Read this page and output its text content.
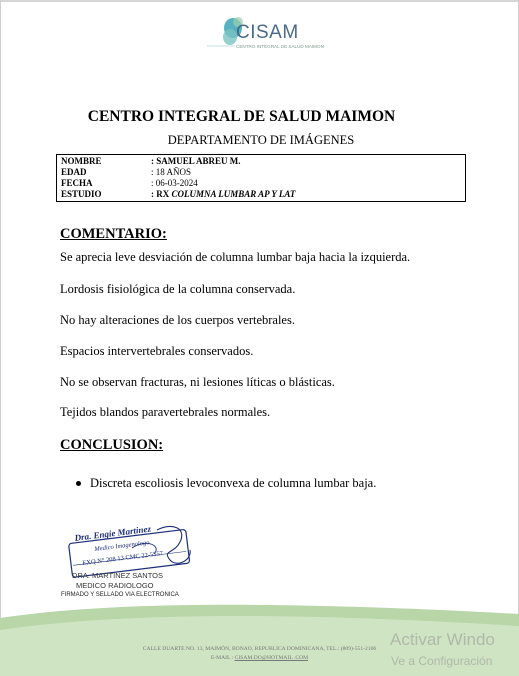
CISAM
CENTRO INTEGRAL DE SALUD MAIMON
CENTRO INTEGRAL DE SALUD MAIMON
DEPARTAMENTO DE IMÁGENES
NOMBRE	: SAMUEL ABREU M.
EDAD	: 18 AÑOS
FECHA	: 06-03-2024
ESTUDIO	: RX COLUMNA LUMBAR AP Y LAT
COMENTARIO:
Se aprecia leve desviación de columna lumbar baja hacia la izquierda.
Lordosis fisiológica de la columna conservada.
No hay alteraciones de los cuerpos vertebrales.
Espacios intervertebrales conservados.
No se observan fracturas, ni lesiones líticas o blásticas.
Tejidos blandos paravertebrales normales.
CONCLUSION:
Discreta escoliosis levoconvexa de columna lumbar baja.
Dra. Engie Martinez
Medico Imagenologo
EXQ N° 208 13 CMC 22-5557
DRA. MARTINEZ SANTOS
MEDICO RADIOLOGO
FIRMADO Y SELLADO VIA ELECTRONICA
CALLE DUARTE NO. 13, MAIMÓN, BONAO, REPUBLICA DOMINICANA, TEL.: (809)-551-2106
E-MAIL : CISAM.DO@HOTMAIL .COM
Activar Windo
Ve a Configuración
